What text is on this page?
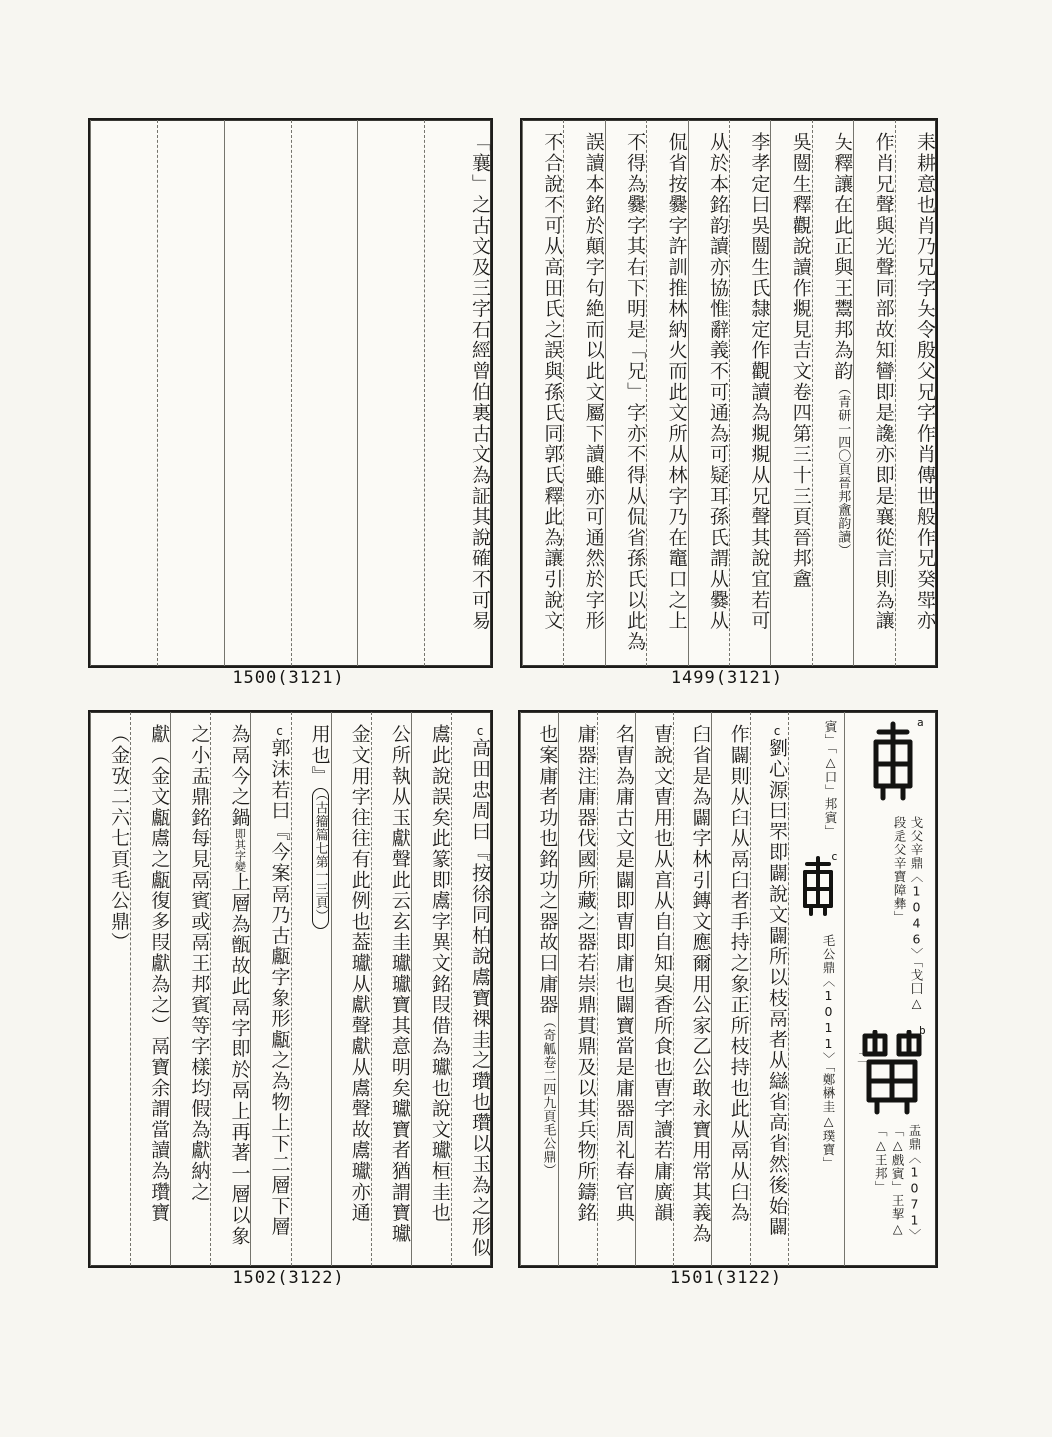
耒耕意也肖乃兄字夨令殷父兄字作肖傳世般作兄癸斝亦
作肖兄聲與光聲同部故知矕即是䜛亦即是襄從言則為讓
夨釋讓在此正與王鬻邦為韵（青研一四〇頁晉邦盦韵讀）
吳闓生釋觀說讀作覜見吉文卷四第三十三頁晉邦盦
李孝定曰吳闓生氏隸定作觀讀為覜覜从兄聲其說宜若可
从於本銘韵讀亦協惟辭義不可通為可疑耳孫氏謂从爨从
侃省按爨字許訓推林納火而此文所从林字乃在竈口之上
不得為爨字其右下明是「兄」字亦不得从侃省孫氏以此為
誤讀本銘於顛字句絶而以此文屬下讀雖亦可通然於字形
不合說不可从高田氏之誤與孫氏同郭氏釋此為讓引說文
1499(3121)
「襄」之古文及三字石經曾伯裏古文為証其說確不可易
1500(3121)
a
戈父辛鼎〈1046〉「戈囗△段辵父辛寶障彝」
b
二
盂鼎〈1071〉「△戲賓」王挈△「△王邦」
賓」「△口」邦賓」
c
毛公鼎〈1011〉「鄭楙圭△璞寶」
c劉心源曰罘即闢說文闢所以枝鬲者从䜌省高省然後始闢
作闢則从臼从鬲臼者手持之象正所枝持也此从鬲从臼為
臼省是為闢字林引鏄文應爾用公家乙公敢永寶用常其義為
曺說文曺用也从亯从自自知臭香所食也曺字讀若庸廣韻
名曺為庸古文是闢即曺即庸也闢寶當是庸器周礼春官典
庸器注庸器伐國所藏之器若崇鼎貫鼎及以其兵物所鑄銘
也案庸者功也銘功之器故曰庸器（奇觚卷二四九頁毛公鼎）
1501(3122)
c高田忠周曰『按徐同柏說鬳寶祼圭之瓚也瓚以玉為之形似
鬳此說誤矣此篆即鬳字異文銘叚借為瓛也說文瓛桓圭也
公所執从玉獻聲此云玄圭瓛瓛寶其意明矣瓛寶者猶謂寶瓛
金文用字往往有此例也葢瓛从獻聲獻从鬳聲故鬳瓛亦通
用也』（古籀篇七第一三頁）
c郭沫若曰『今案鬲乃古甗字象形甗之為物上下二層下層
為鬲今之鍋即其字變上層為甑故此鬲字即於鬲上再著一層以象
之小盂鼎銘每見鬲賓或鬲王邦賓等字樣均假為獻納之
獻（金文甗鬳之甗復多叚獻為之）鬲寶余謂當讀為瓚寶
（金攷二六七頁毛公鼎）
1502(3122)
